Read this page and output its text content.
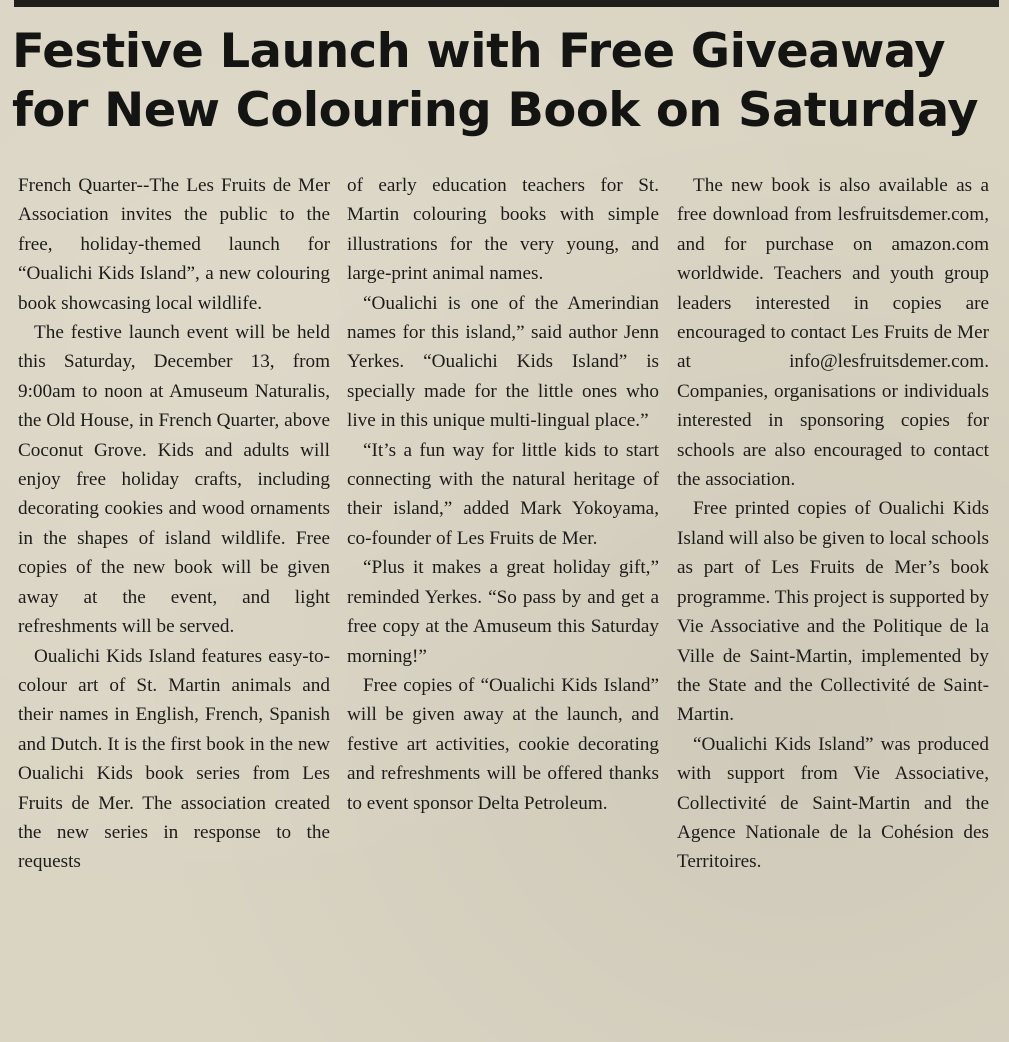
Festive Launch with Free Giveaway
for New Colouring Book on Saturday

French Quarter--The Les Fruits de Mer Association invites the public to the free, holiday-themed launch for “Oualichi Kids Island”, a new colouring book showcasing local wildlife.

The festive launch event will be held this Saturday, December 13, from 9:00am to noon at Amuseum Naturalis, the Old House, in French Quarter, above Coconut Grove. Kids and adults will enjoy free holiday crafts, including decorating cookies and wood ornaments in the shapes of island wildlife. Free copies of the new book will be given away at the event, and light refreshments will be served.

Oualichi Kids Island features easy-to-colour art of St. Martin animals and their names in English, French, Spanish and Dutch. It is the first book in the new Oualichi Kids book series from Les Fruits de Mer. The association created the new series in response to the requests

of early education teachers for St. Martin colouring books with simple illustrations for the very young, and large-print animal names.

“Oualichi is one of the Amerindian names for this island,” said author Jenn Yerkes. “Oualichi Kids Island” is specially made for the little ones who live in this unique multi-lingual place.”

“It’s a fun way for little kids to start connecting with the natural heritage of their island,” added Mark Yokoyama, co-founder of Les Fruits de Mer.

“Plus it makes a great holiday gift,” reminded Yerkes. “So pass by and get a free copy at the Amuseum this Saturday morning!”

Free copies of “Oualichi Kids Island” will be given away at the launch, and festive art activities, cookie decorating and refreshments will be offered thanks to event sponsor Delta Petroleum.

The new book is also available as a free download from lesfruitsdemer.com, and for purchase on amazon.com worldwide. Teachers and youth group leaders interested in copies are encouraged to contact Les Fruits de Mer at info@lesfruitsdemer.com. Companies, organisations or individuals interested in sponsoring copies for schools are also encouraged to contact the association.

Free printed copies of Oualichi Kids Island will also be given to local schools as part of Les Fruits de Mer’s book programme. This project is supported by Vie Associative and the Politique de la Ville de Saint-Martin, implemented by the State and the Collectivité de Saint-Martin.

“Oualichi Kids Island” was produced with support from Vie Associative, Collectivité de Saint-Martin and the Agence Nationale de la Cohésion des Territoires.
